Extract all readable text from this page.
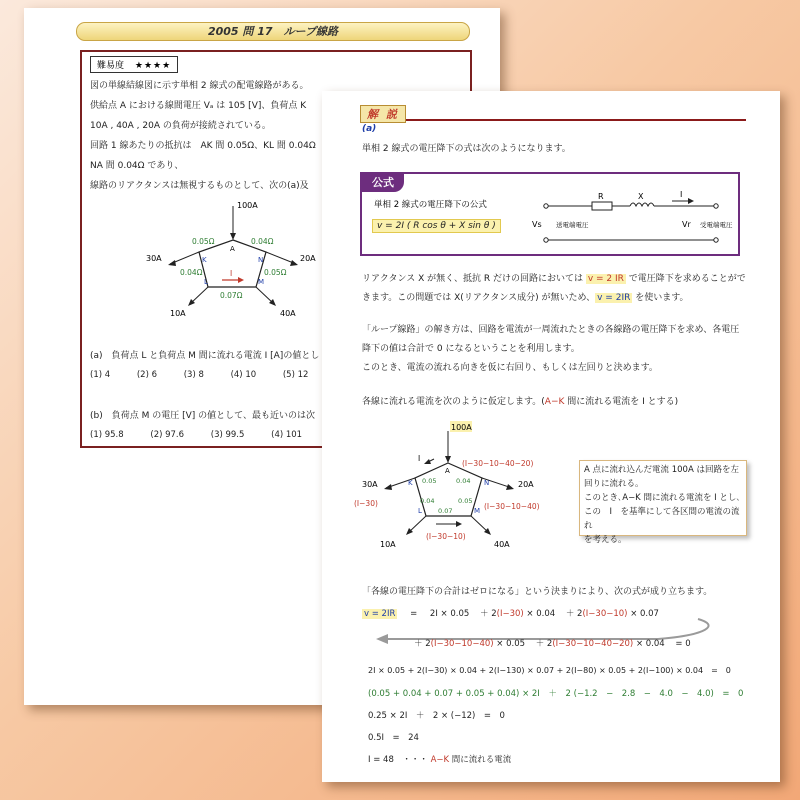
2005 問 17　ループ線路
難易度 ★★★★
図の単線結線図に示す単相 2 線式の配電線路がある。
供給点 A における線間電圧 Vₐ は 105 [V]、負荷点 K
10A , 40A , 20A の負荷が接続されている。
回路 1 線あたりの抵抗は　AK 間 0.05Ω、KL 間 0.04Ω
NA 間 0.04Ω であり、
線路のリアクタンスは無視するものとして、次の(a)及
100A
30A	20A
10A	40A
A
K	N
L	M
0.05Ω	0.04Ω
0.04Ω	0.05Ω
0.07Ω
I
(a)　負荷点 L と負荷点 M 間に流れる電流 I [A]の値とし
(1) 4	(2) 6	(3) 8	(4) 10	(5) 12
(b)　負荷点 M の電圧 [V] の値として、最も近いのは次
(1) 95.8	(2) 97.6	(3) 99.5	(4) 101
解 説
(a)
単相 2 線式の電圧降下の式は次のようになります。
公式
単相 2 線式の電圧降下の公式
v = 2I ( R cos θ + X sin θ )
R	X	I
Vs 送電端電圧	Vr 受電端電圧
リアクタンス X が無く、抵抗 R だけの回路においては v = 2 IR で電圧降下を求めることがで
きます。この問題では X(リアクタンス成分) が無いため、 v = 2IR を使います。
「ループ線路」の解き方は、回路を電流が一周流れたときの各線路の電圧降下を求め、各電圧
降下の値は合計で 0 になるということを利用します。
このとき、電流の流れる向きを仮に右回り、もしくは左回りと決めます。
各線に流れる電流を次のように仮定します。(A−K 間に流れる電流を I とする)
100A
30A	20A
10A	40A
A
K	N
L	M
0.05	0.04
0.04	0.05
0.07
I
(I−30−10−40−20)
(I−30)	(I−30−10−40)
(I−30−10)
A 点に流れ込んだ電流 100A は回路を左
回りに流れる。
このとき､A−K 間に流れる電流を I とし､
この　I　を基準にして各区間の電流の流れ
を考える。
「各線の電圧降下の合計はゼロになる」という決まりにより、次の式が成り立ちます。
v = 2IR = 2I × 0.05 ＋ 2(I−30) × 0.04 ＋ 2(I−30−10) × 0.07
＋ 2(I−30−10−40) × 0.05 ＋ 2(I−30−10−40−20) × 0.04 = 0
2I × 0.05 + 2(I−30) × 0.04 + 2(I−130) × 0.07 + 2(I−80) × 0.05 + 2(I−100) × 0.04　=　0
(0.05 + 0.04 + 0.07 + 0.05 + 0.04) × 2I ＋　2 (−1.2　−　2.8　−　4.0　−　4.0)　=　0
0.25 × 2I　＋　2 × (−12)　=　0
0.5I　=　24
I = 48　・・・ A−K 間に流れる電流
